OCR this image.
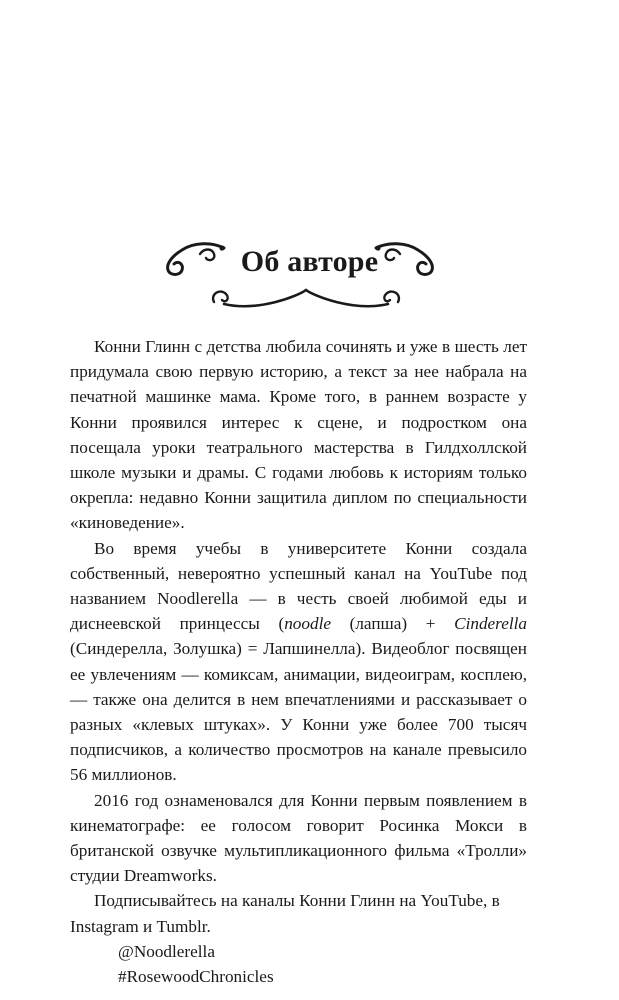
Об авторе

Конни Глинн с детства любила сочинять и уже в шесть лет придумала свою первую историю, а текст за нее набрала на печатной машинке мама. Кроме того, в раннем возрасте у Конни проявился интерес к сцене, и подростком она посещала уроки театрального мастерства в Гилдхоллской школе музыки и драмы. С годами любовь к историям только окрепла: недавно Конни защитила диплом по специальности «киноведение».

Во время учебы в университете Конни создала собственный, невероятно успешный канал на YouTube под названием Noodlerella — в честь своей любимой еды и диснеевской принцессы (noodle (лапша) + Cinderella (Синдерелла, Золушка) = Лапшинелла). Видеоблог посвящен ее увлечениям — комиксам, анимации, видеоиграм, косплею, — также она делится в нем впечатлениями и рассказывает о разных «клевых штуках». У Конни уже более 700 тысяч подписчиков, а количество просмотров на канале превысило 56 миллионов.

2016 год ознаменовался для Конни первым появлением в кинематографе: ее голосом говорит Росинка Мокси в британской озвучке мультипликационного фильма «Тролли» студии Dreamworks.

Подписывайтесь на каналы Конни Глинн на YouTube, в Instagram и Tumblr.

@Noodlerella

#RosewoodChronicles
